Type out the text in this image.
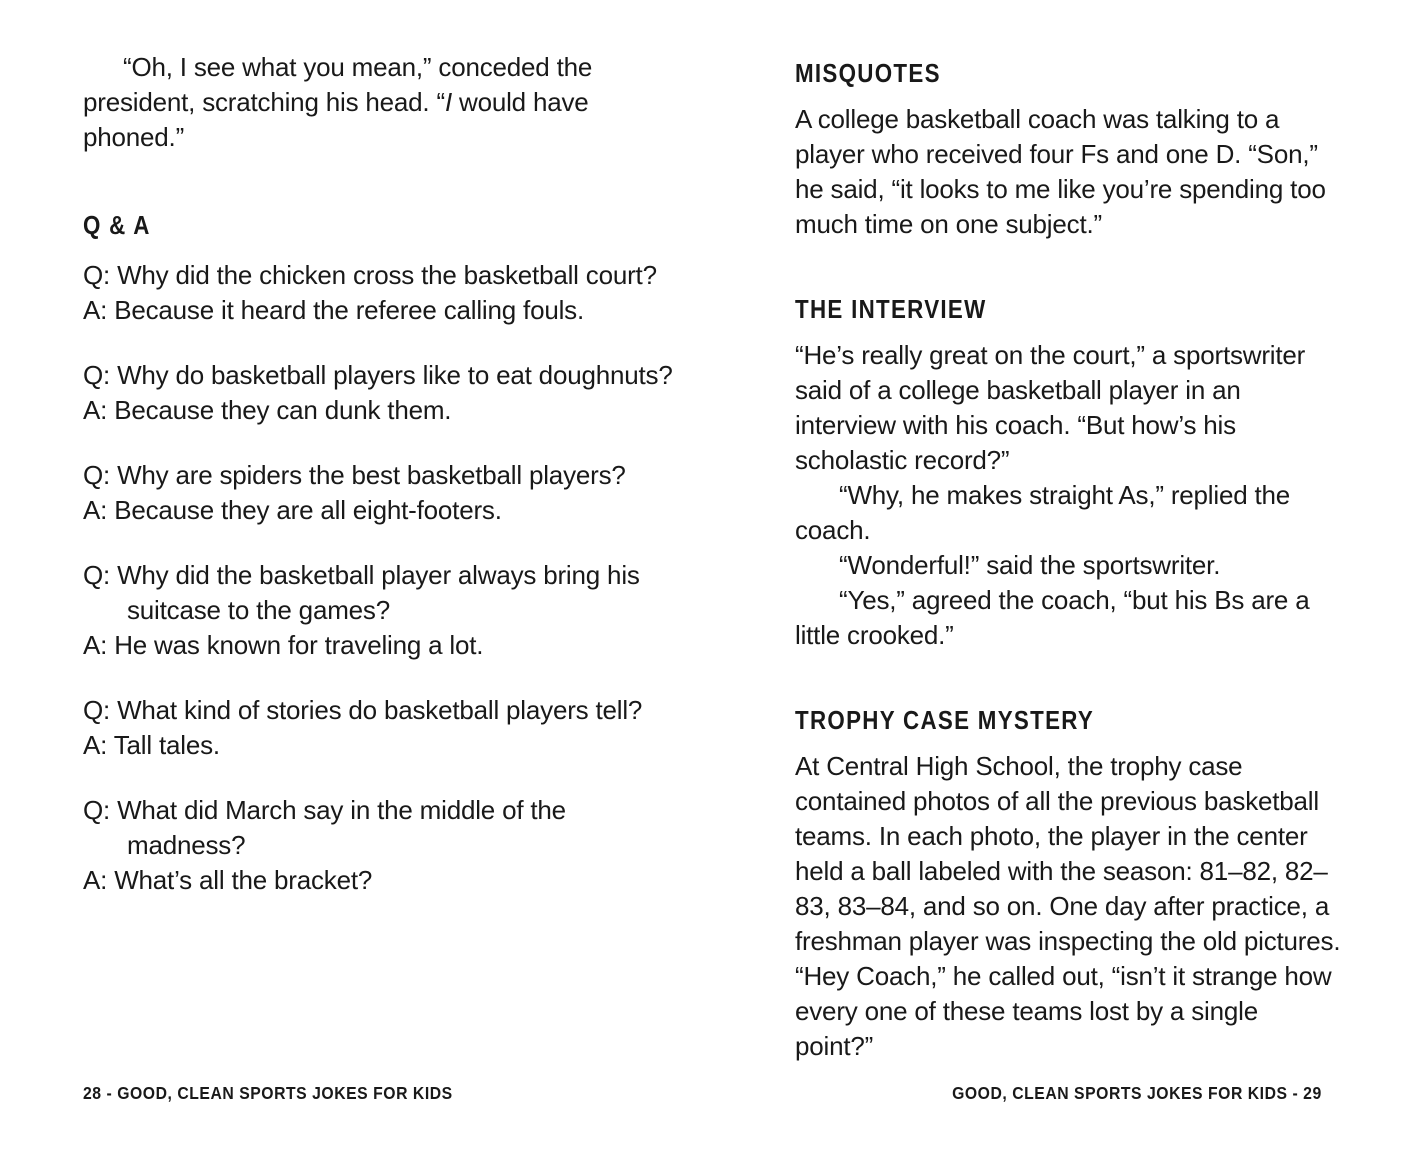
“Oh, I see what you mean,” conceded the president, scratching his head. “I would have phoned.”

Q & A

Q: Why did the chicken cross the basketball court?

A: Because it heard the referee calling fouls.

Q: Why do basketball players like to eat doughnuts?

A: Because they can dunk them.

Q: Why are spiders the best basketball players?

A: Because they are all eight-footers.

Q: Why did the basketball player always bring his suitcase to the games?

A: He was known for traveling a lot.

Q: What kind of stories do basketball players tell?

A: Tall tales.

Q: What did March say in the middle of the madness?

A: What’s all the bracket?

MISQUOTES

A college basketball coach was talking to a player who received four Fs and one D. “Son,” he said, “it looks to me like you’re spending too much time on one subject.”

THE INTERVIEW

“He’s really great on the court,” a sportswriter said of a college basketball player in an interview with his coach. “But how’s his scholastic record?”

“Why, he makes straight As,” replied the coach.

“Wonderful!” said the sportswriter.

“Yes,” agreed the coach, “but his Bs are a little crooked.”

TROPHY CASE MYSTERY

At Central High School, the trophy case contained photos of all the previous basketball teams. In each photo, the player in the center held a ball labeled with the season: 81–82, 82–83, 83–84, and so on. One day after practice, a freshman player was inspecting the old pictures. “Hey Coach,” he called out, “isn’t it strange how every one of these teams lost by a single point?”

28 - GOOD, CLEAN SPORTS JOKES FOR KIDS	GOOD, CLEAN SPORTS JOKES FOR KIDS - 29
